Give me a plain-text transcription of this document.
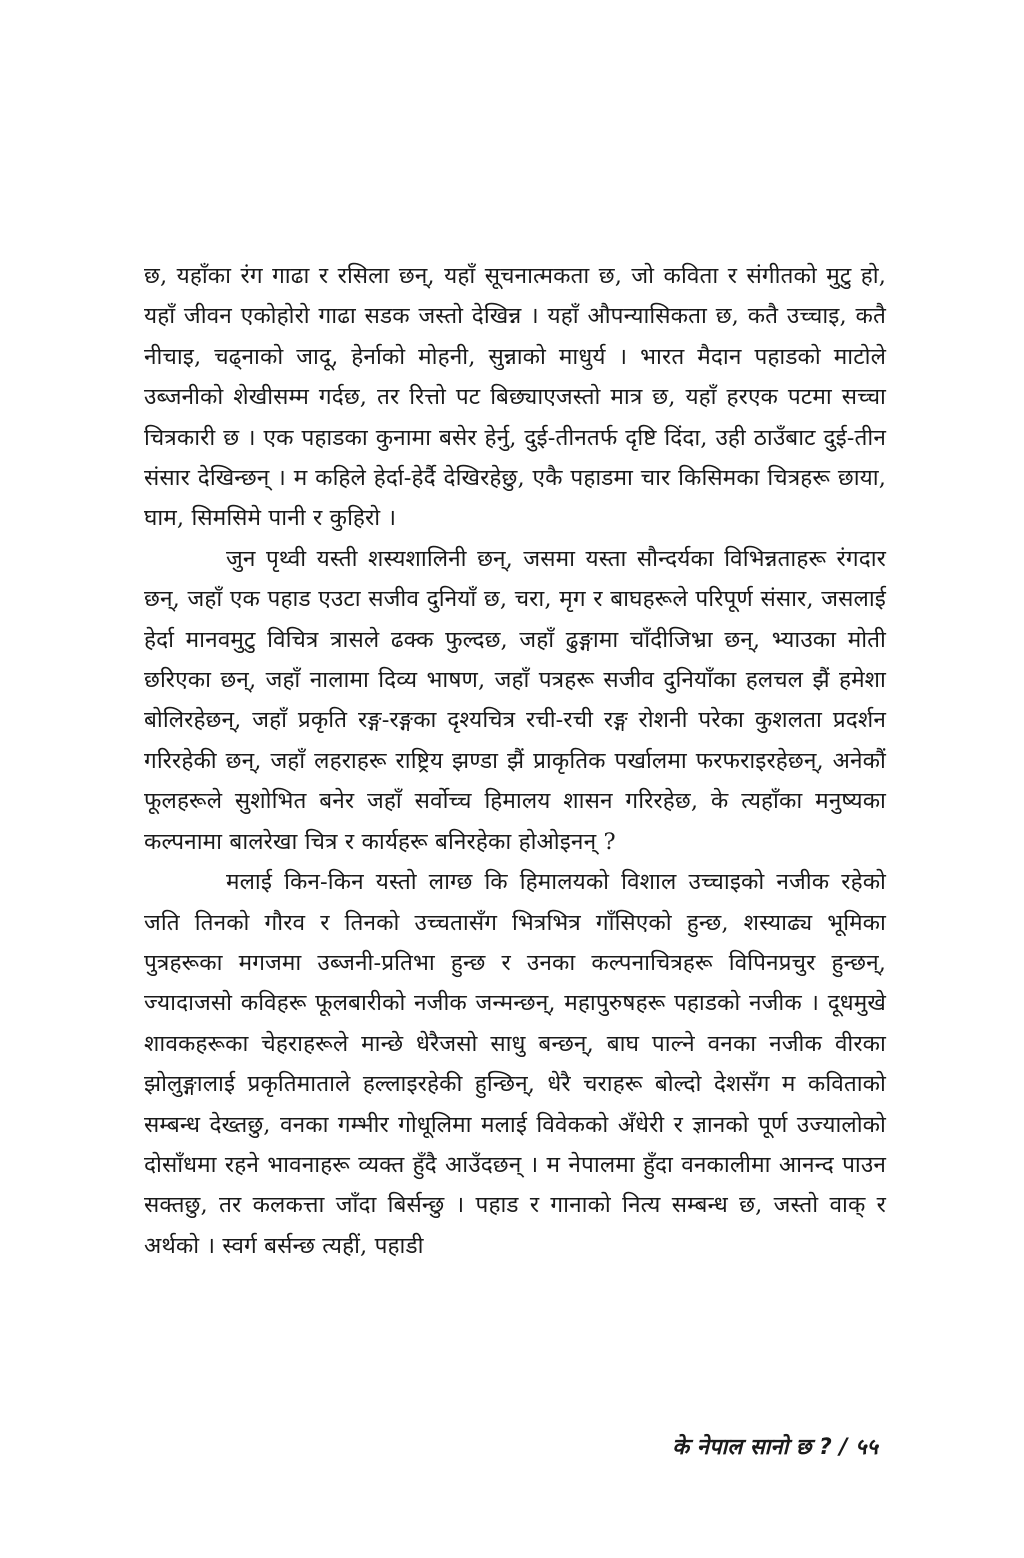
छ, यहाँका रंग गाढा र रसिला छन्, यहाँ सूचनात्मकता छ, जो कविता र संगीतको मुटु हो, यहाँ जीवन एकोहोरो गाढा सडक जस्तो देखिन्न । यहाँ औपन्यासिकता छ, कतै उच्चाइ, कतै नीचाइ, चढ्नाको जादू, हेर्नाको मोहनी, सुन्नाको माधुर्य । भारत मैदान पहाडको माटोले उब्जनीको शेखीसम्म गर्दछ, तर रित्तो पट बिछ्याएजस्तो मात्र छ, यहाँ हरएक पटमा सच्चा चित्रकारी छ । एक पहाडका कुनामा बसेर हेर्नु, दुई-तीनतर्फ दृष्टि दिंदा, उही ठाउँबाट दुई-तीन संसार देखिन्छन् । म कहिले हेर्दा-हेर्दै देखिरहेछु, एकै पहाडमा चार किसिमका चित्रहरू छाया, घाम, सिमसिमे पानी र कुहिरो ।

जुन पृथ्वी यस्ती शस्यशालिनी छन्, जसमा यस्ता सौन्दर्यका विभिन्नताहरू रंगदार छन्, जहाँ एक पहाड एउटा सजीव दुनियाँ छ, चरा, मृग र बाघहरूले परिपूर्ण संसार, जसलाई हेर्दा मानवमुटु विचित्र त्रासले ढक्क फुल्दछ, जहाँ ढुङ्गामा चाँदीजिभ्रा छन्, भ्याउका मोती छरिएका छन्, जहाँ नालामा दिव्य भाषण, जहाँ पत्रहरू सजीव दुनियाँका हलचल झैं हमेशा बोलिरहेछन्, जहाँ प्रकृति रङ्ग-रङ्गका दृश्यचित्र रची-रची रङ्ग रोशनी परेका कुशलता प्रदर्शन गरिरहेकी छन्, जहाँ लहराहरू राष्ट्रिय झण्डा झैं प्राकृतिक पर्खालमा फरफराइरहेछन्, अनेकौं फूलहरूले सुशोभित बनेर जहाँ सर्वोच्च हिमालय शासन गरिरहेछ, के त्यहाँका मनुष्यका कल्पनामा बालरेखा चित्र र कार्यहरू बनिरहेका होओइनन् ?

मलाई किन-किन यस्तो लाग्छ कि हिमालयको विशाल उच्चाइको नजीक रहेको जति तिनको गौरव र तिनको उच्चतासँग भित्रभित्र गाँसिएको हुन्छ, शस्याढ्य भूमिका पुत्रहरूका मगजमा उब्जनी-प्रतिभा हुन्छ र उनका कल्पनाचित्रहरू विपिनप्रचुर हुन्छन्, ज्यादाजसो कविहरू फूलबारीको नजीक जन्मन्छन्, महापुरुषहरू पहाडको नजीक । दूधमुखे शावकहरूका चेहराहरूले मान्छे धेरैजसो साधु बन्छन्, बाघ पाल्ने वनका नजीक वीरका झोलुङ्गालाई प्रकृतिमाताले हल्लाइरहेकी हुन्छिन्, धेरै चराहरू बोल्दो देशसँग म कविताको सम्बन्ध देख्तछु, वनका गम्भीर गोधूलिमा मलाई विवेकको अँधेरी र ज्ञानको पूर्ण उज्यालोको दोसाँधमा रहने भावनाहरू व्यक्त हुँदै आउँदछन् । म नेपालमा हुँदा वनकालीमा आनन्द पाउन सक्तछु, तर कलकत्ता जाँदा बिर्सन्छु । पहाड र गानाको नित्य सम्बन्ध छ, जस्तो वाक् र अर्थको । स्वर्ग बर्सन्छ त्यहीं, पहाडी

के नेपाल सानो छ ? / ५५
